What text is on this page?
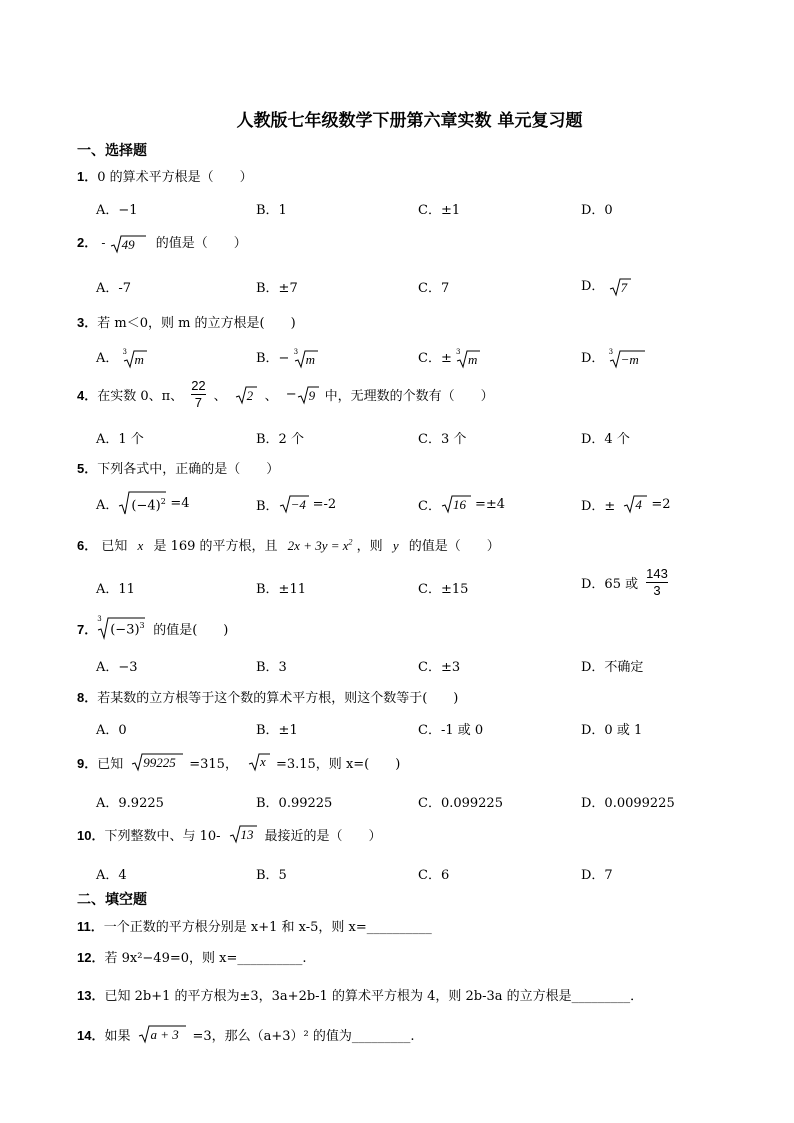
人教版七年级数学下册第六章实数 单元复习题
一、选择题
1．0 的算术平方根是（　　）
A．−1	B．1	C．±1	D．0
2． - 49 的值是（　　）
A．-7	B．±7	C．7	D． 7
3．若 m＜0，则 m 的立方根是(　　)
A． 3 m	B．− 3 m	C．± 3 m	D． 3 −m
4． 在实数 0、π、 $\frac{22}{7}$ 、 2 、 − 9 中，无理数的个数有（　　）
A．1 个	B．2 个	C．3 个	D．4 个
5．下列各式中，正确的是（　　）
A． $(-4)^2 =4$	B． −4 =-2	C． 16 =±4	D．± 4 =2
6． 已知 x 是 169 的平方根，且 $2x + 3y = x^2$ ，则 y 的值是（　　）
A．11	B．±11	C．±15	D．65 或 $\frac{143}{3}$
7．
3
$(-3)^3$ 的值是(　　)
A．−3	B．3	C．±3	D．不确定
8．若某数的立方根等于这个数的算术平方根，则这个数等于(　　)
A．0	B．±1	C．-1 或 0	D．0 或 1
9． 已知 99225 =315， x =3.15，则 x=(　　)
A．9.9225	B．0.99225	C．0.099225	D．0.0099225
10． 下列整数中、与 10- 13 最接近的是（　　）
A．4	B．5	C．6	D．7
二、填空题
11．一个正数的平方根分别是 x+1 和 x-5，则 x=__________
12．若 9x²−49=0，则 x=__________.
13．已知 2b+1 的平方根为±3，3a+2b-1 的算术平方根为 4，则 2b-3a 的立方根是_________．
14． 如果 a + 3 =3，那么（a+3）² 的值为_________.
